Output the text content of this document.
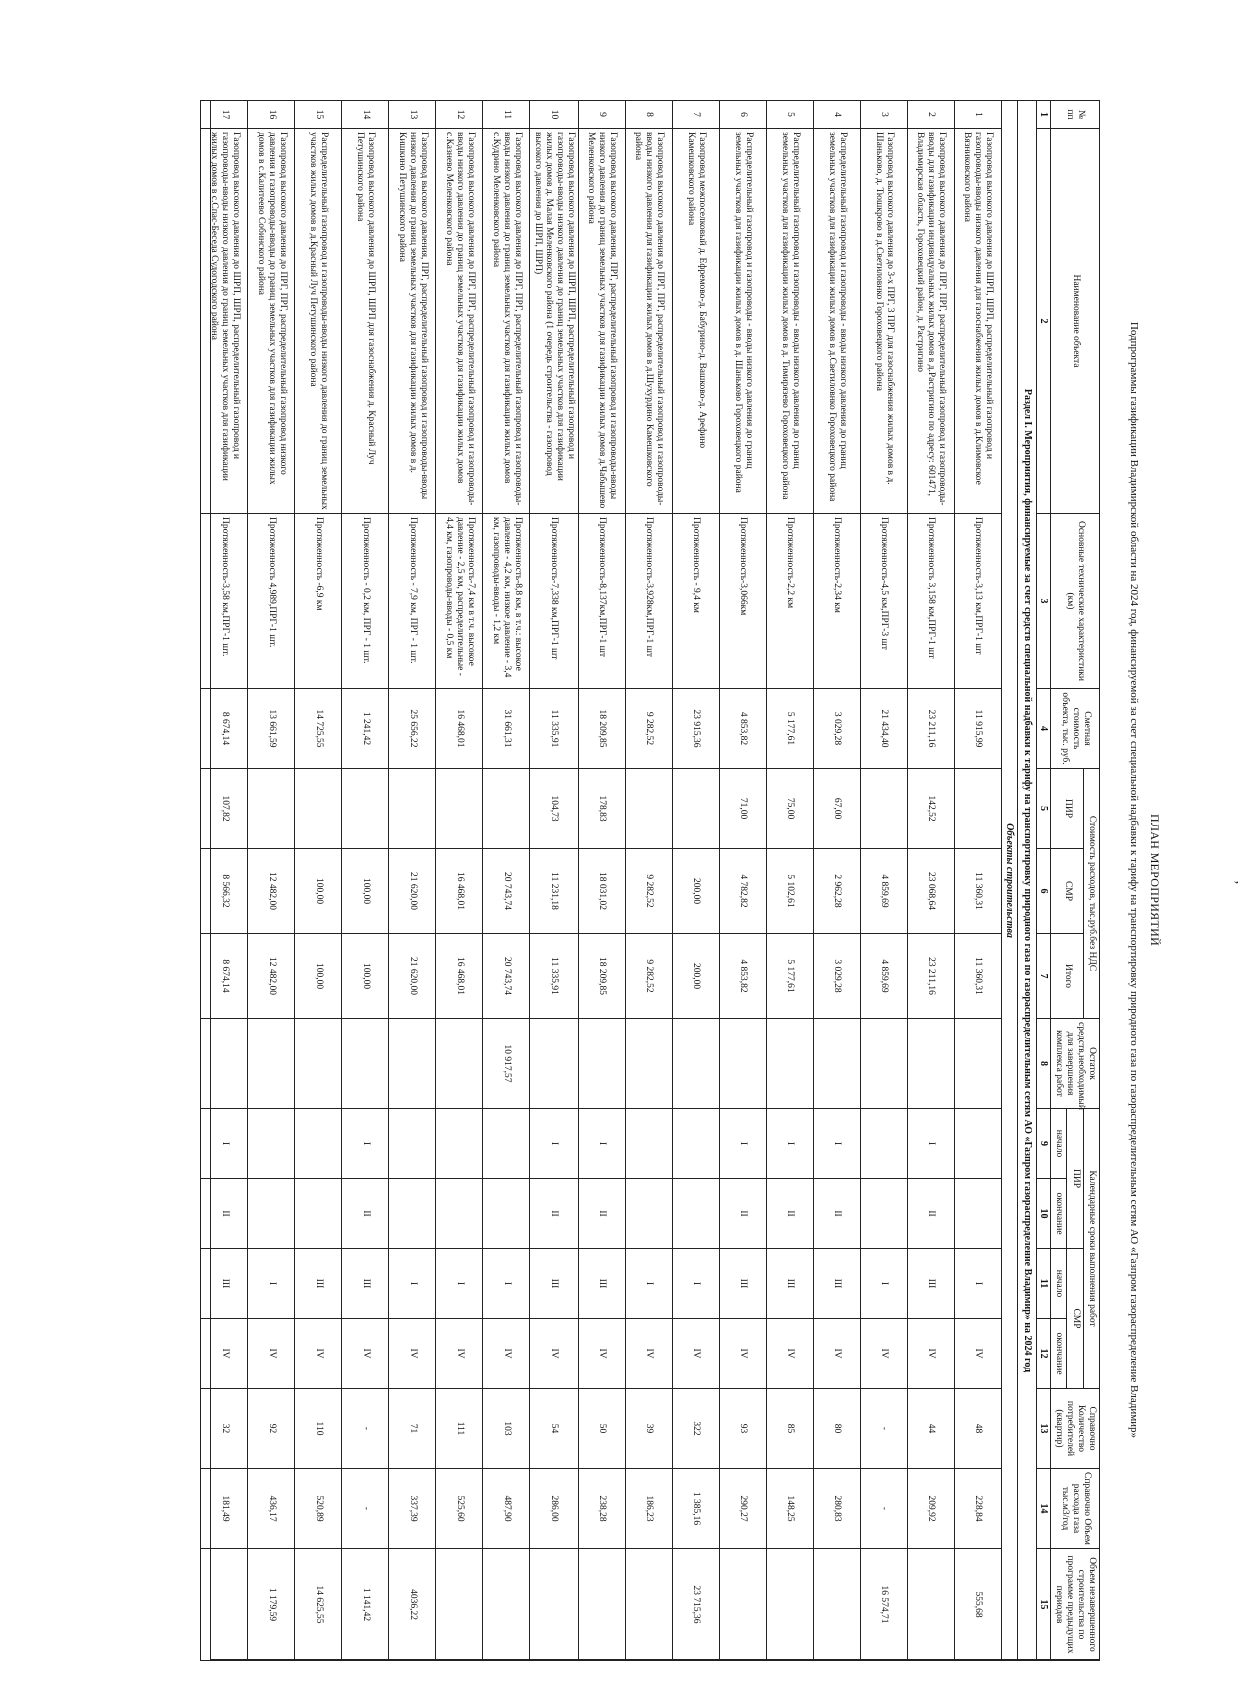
ʼ
ПЛАН МЕРОПРИЯТИЙ
Подпрограммы газификации Владимирской области на 2024 год, финансируемой за счет специальной надбавки к тарифу на транспортировку природного газа по газораспределительным сетям АО «Газпром газораспределение Владимир»
№ пп	Наименование объекта	Основные технические характеристики (км)	Сметная стоимость объекта, тыс. руб.	Стоимость расходов, тыс.руб.без НДС			Остаток средств,необходимый для завершения комплекса работ	Календарные сроки выполнения работ				Справочно Количество потребителей (квартир)	Справочно Объем расхода газа тыс.м3/год	Объем незавершенного строительства по программе предыдущих периодов
				ПИР	СМР	Итого		ПИР		СМР				
								начало	окончание	начало	окончание			
1	2	3	4	5	6	7	8	9	10	11	12	13	14	15
Раздел I. Мероприятия, финансируемые за счет средств специальной надбавки к тарифу на транспортировку природного газа по газораспределительным сетям АО «Газпром газораспределение Владимир» на 2024 год														
Объекты строительства														
1	Газопровод высокого давления до ШРП, ШРП, распределительный газопровод и газопроводы-вводы низкого давления для газоснабжения жилых домов в д.Климовское Вязниковского района	Протяженность-3,13 км,ПРГ-1 шт	11 915,99		11 360,31	11 360,31				I	IV	48	228,84	555,68
2	Газопровод высокого давления до ПРГ, ПРГ, распределительный газопровод и газопроводы-вводы для газификации индивидуальных жилых домов в д.Растригино по адресу: 601471, Владимирская область, Гороховецкий район, д. Растригино	Протяженность 3,158 км,ПРГ-1 шт	23 211,16	142,52	23 068,64	23 211,16		I	II	III	IV	44	209,92	
3	Газопровод высокого давления до 3-х ПРГ, 3 ПРГ для газоснабжения жилых домов в д. Шаньково, д. Тюшкрово в д.Светиловнко Гороховецкого района	Протяженность-4,5 км,ПРГ-3 шт	21 434,40		4 859,69	4 859,69				I	IV	-	-	16 574,71
4	Распределительный газопровод и газопроводы - вводы низкого давления до границ земельных участков для газификации жилых домов в д.Светиловнко Гороховецкого района	Протяженность-2,34 км	3 029,28	67,00	2 962,28	3 029,28		I	II	III	IV	80	280,83	
5	Распределительный газопровод и газопроводы - вводы низкого давления до границ земельных участков для газификации жилых домов в д. Тимирязево Гороховецкого района	Протяженность-2,2 км	5 177,61	75,00	5 102,61	5 177,61		I	II	III	IV	85	148,25	
6	Распределительный газопровод и газопроводы - вводы низкого давления до границ земельных участков для газификации жилых домов в д. Шаньково Гороховецкого района	Протяженность-3,066км	4 853,82	71,00	4 782,82	4 853,82		I	II	III	IV	93	290,27	
7	Газопровод межпоселковый д. Ефремово-д. Бабурино-д. Вашково-д. Арефино Камешковского района	Протяженность - 9,4 км	23 915,36		200,00	200,00				I	IV	322	1 385,16	23 715,36
8	Газопровод высокого давления до ПРГ, ПРГ, распределительный газопровод и газопроводы-вводы низкого давления для газификации жилых домов в д.Шухурдино Камешковского района	Протяженность-3,928км,ПРГ-1 шт	9 282,52		9 282,52	9 282,52				I	IV	39	186,23	
9	Газопровод высокого давления, ПРГ, распределительный газопровод и газопроводы-вводы низкого давления до границ земельных участков для газификации жилых домов д.Чабышево Меленковского района	Протяженность-8,137км,ПРГ-1 шт	18 209,85	178,83	18 031,02	18 209,85		I	II	III	IV	50	238,28	
10	Газопровод высокого давления до ШРП, ШРП, распределительный газопровод и газопроводы-вводы низкого давления до границ земельных участков для газификации жилых домов д. Малая Меленковского района (1 очередь строительства - газопровод высокого давления до ШРП, ШРП)	Протяженность-7,338 км,ПРГ-1 шт	11 335,91	104,73	11 231,18	11 335,91		I	II	III	IV	54	286,00	
11	Газопровод высокого давления до ПРГ, ПРГ, распределительный газопровод и газопроводы-вводы низкого давления до границ земельных участков для газификации жилых домов с.Кудрино Меленковского района	Протяженность-8,8 км, в т.ч.: высокое давление - 4,2 км, низкое давление - 3,4 км, газопроводы-вводы - 1,2 км	31 661,31		20 743,74	20 743,74	10 917,57			I	IV	103	487,90	
12	Газопровод высокого давления до ПРГ, ПРГ, распределительный газопровод и газопроводы-вводы низкого давления до границ земельных участков для газификации жилых домов с.Казнево Меленковского района	Протяженность-7,4 км в т.ч. высокое давление - 2,5 км, распределительные - 4,4 км, газопроводы-вводы - 0,5 км	16 468,01		16 468,01	16 468,01				I	IV	111	525,60	
13	Газопровод высокого давления, ПРГ, распределительный газопровод и газопроводы-вводы низкого давления до границ земельных участков для газификации жилых домов в д. Кишкино Петушинского района	Протяженность - 7,9 км, ПРГ - 1 шт.	25 656,22		21 620,00	21 620,00				I	IV	71	337,39	4036,22
14	Газопровод высокого давления до ШРП, ШРП для газоснабжения д. Красный Луч Петушинского района	Протяженность - 0,2 км, ПРГ - 1 шт.	1 241,42		100,00	100,00		I	II	III	IV	-	-	1 141,42
15	Распределительный газопровод и газопроводы-вводы низкого давления до границ земельных участков жилых домов в д.Красный Луч Петушинского района	Протяженность -6,9 км	14 725,55		100,00	100,00				III	IV	110	520,89	14 625,55
16	Газопровод высокого давления до ПРГ, ПРГ, распределительный газопровод низкого давления и газопроводы-вводы до границ земельных участков для газификации жилых домов в с.Калитеево Собинского района	Протяженность 4,989,ПРГ-1 шт.	13 661,59		12 482,00	12 482,00				I	IV	92	436,17	1 179,59
17	Газопровод высокого давления до ШРП, ШРП, распределительный газопровод и газопроводы-вводы низкого давления до границ земельных участков для газификации жилых домов в с.Спас-Беседа Судогодского района	Протяженность-3,58 км,ПРГ-1 шт.	8 674,14	107,82	8 566,32	8 674,14		I	II	III	IV	32	181,49	
